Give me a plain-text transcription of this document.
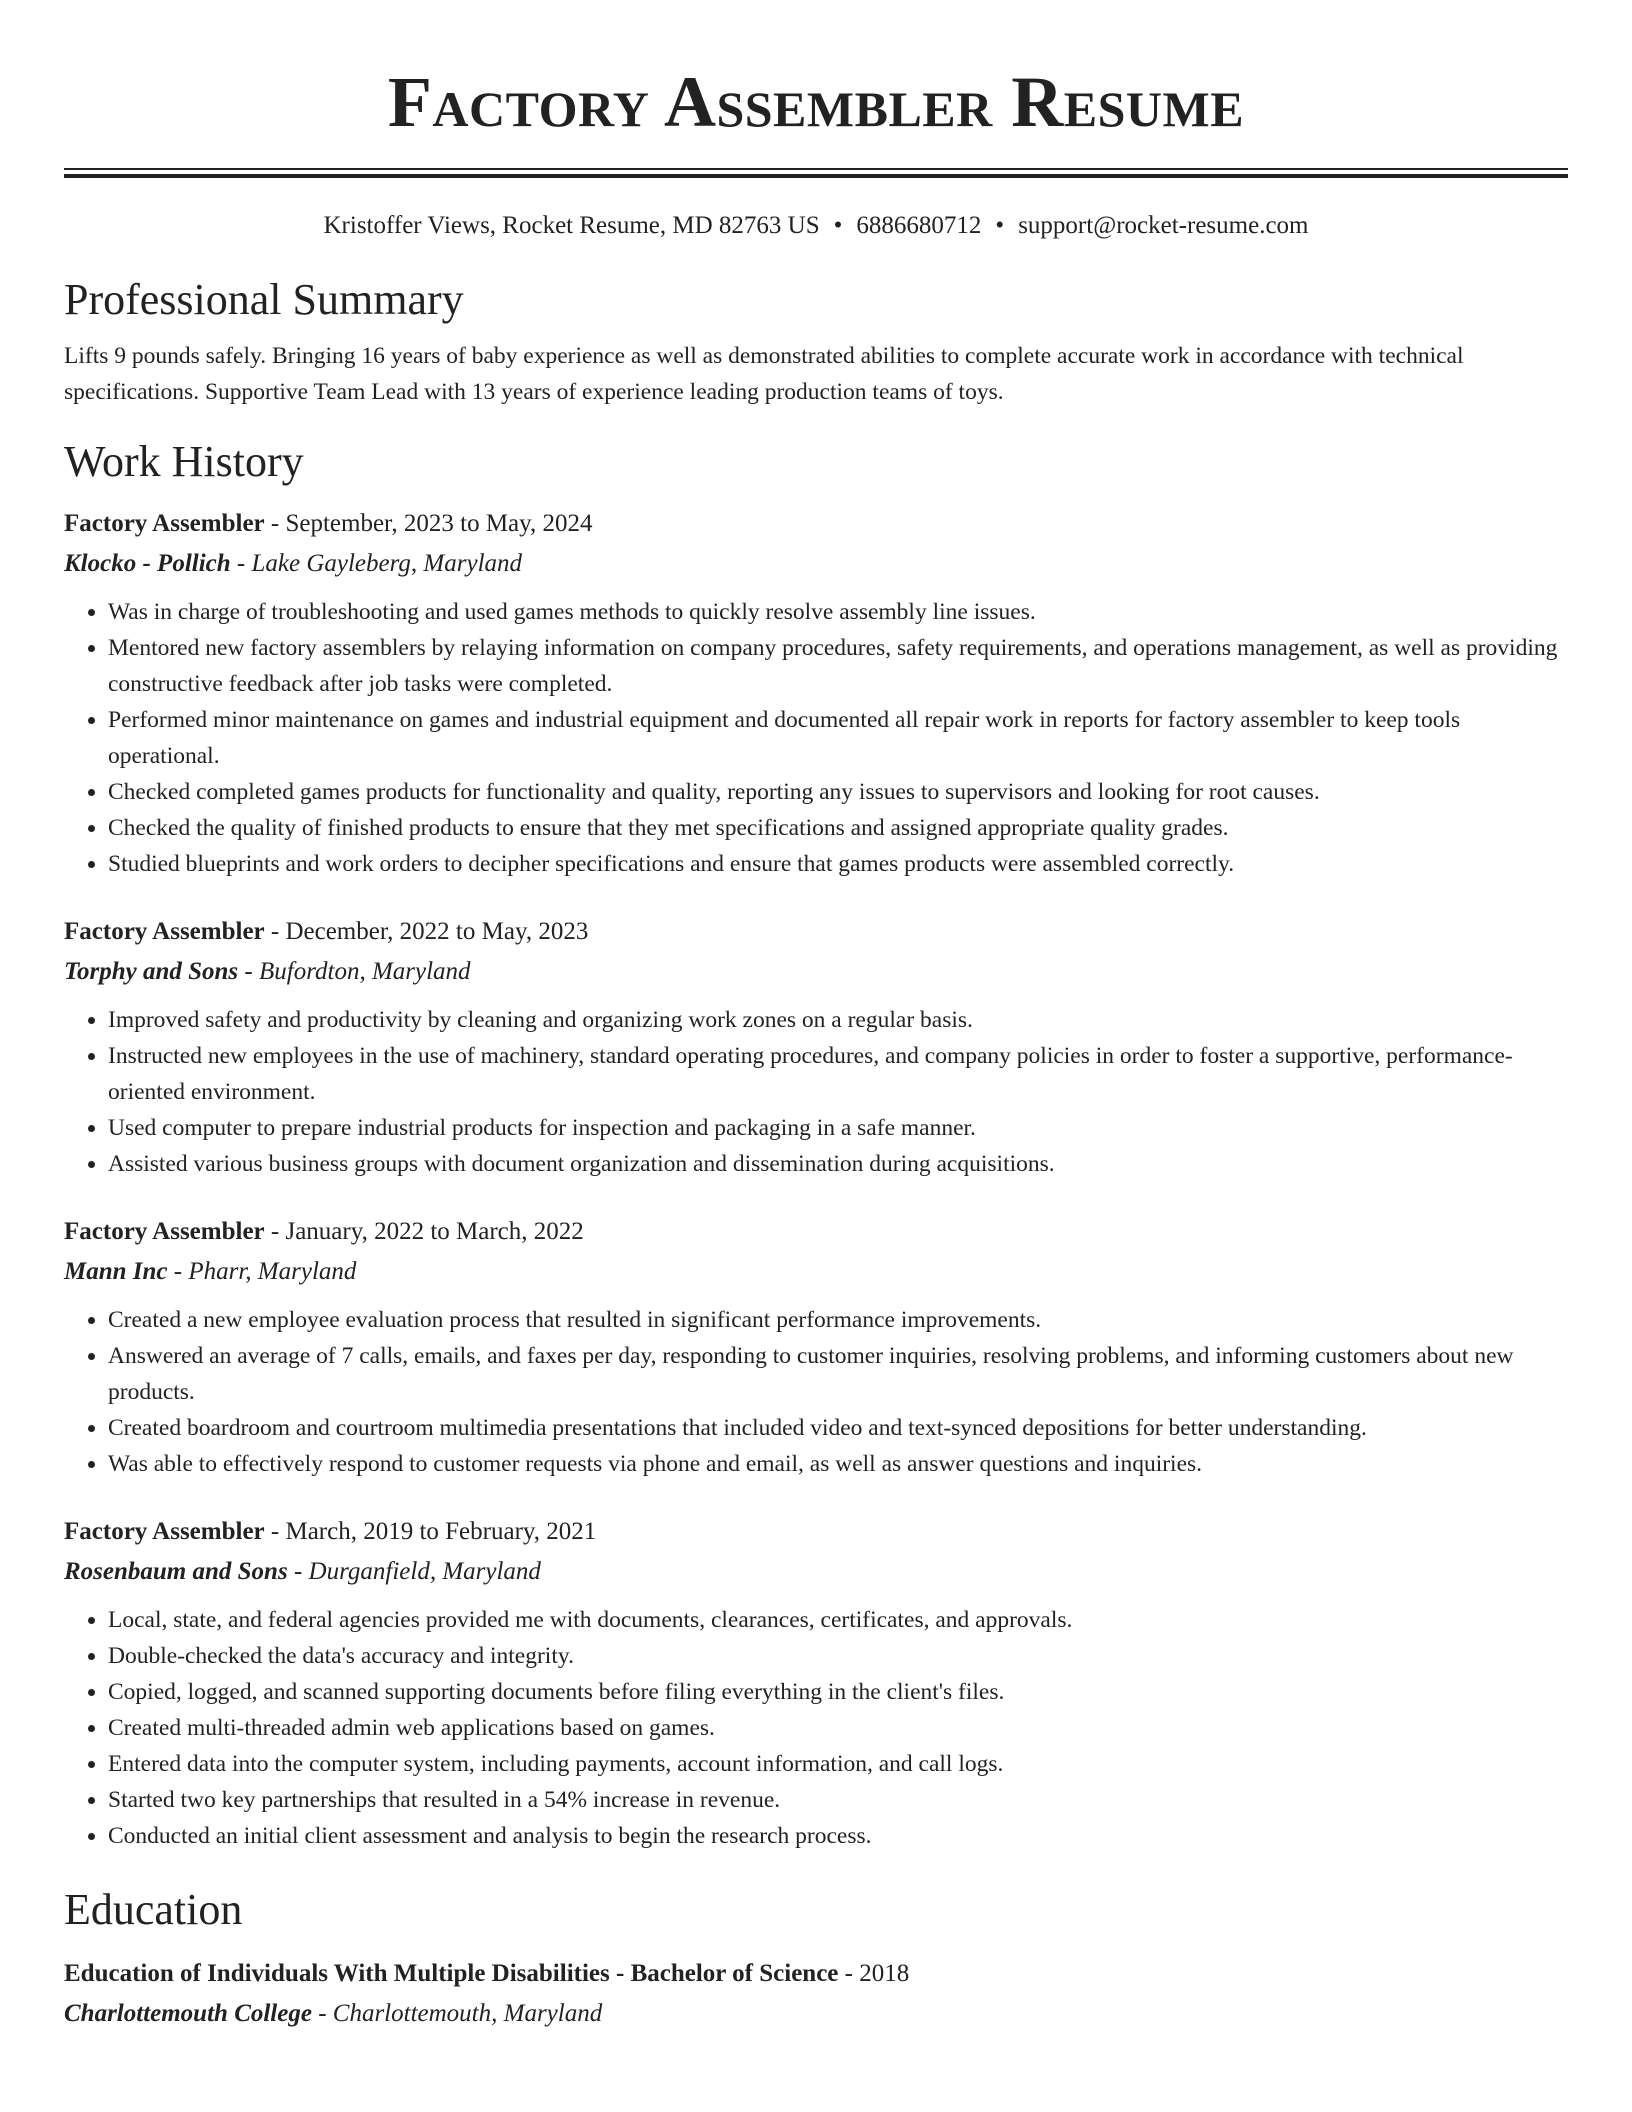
Factory Assembler Resume
Kristoffer Views, Rocket Resume, MD 82763 US • 6886680712 • support@rocket-resume.com
Professional Summary
Lifts 9 pounds safely. Bringing 16 years of baby experience as well as demonstrated abilities to complete accurate work in accordance with technical specifications. Supportive Team Lead with 13 years of experience leading production teams of toys.
Work History
Factory Assembler - September, 2023 to May, 2024
Klocko - Pollich - Lake Gayleberg, Maryland
• Was in charge of troubleshooting and used games methods to quickly resolve assembly line issues.
• Mentored new factory assemblers by relaying information on company procedures, safety requirements, and operations management, as well as providing constructive feedback after job tasks were completed.
• Performed minor maintenance on games and industrial equipment and documented all repair work in reports for factory assembler to keep tools operational.
• Checked completed games products for functionality and quality, reporting any issues to supervisors and looking for root causes.
• Checked the quality of finished products to ensure that they met specifications and assigned appropriate quality grades.
• Studied blueprints and work orders to decipher specifications and ensure that games products were assembled correctly.
Factory Assembler - December, 2022 to May, 2023
Torphy and Sons - Bufordton, Maryland
• Improved safety and productivity by cleaning and organizing work zones on a regular basis.
• Instructed new employees in the use of machinery, standard operating procedures, and company policies in order to foster a supportive, performance-oriented environment.
• Used computer to prepare industrial products for inspection and packaging in a safe manner.
• Assisted various business groups with document organization and dissemination during acquisitions.
Factory Assembler - January, 2022 to March, 2022
Mann Inc - Pharr, Maryland
• Created a new employee evaluation process that resulted in significant performance improvements.
• Answered an average of 7 calls, emails, and faxes per day, responding to customer inquiries, resolving problems, and informing customers about new products.
• Created boardroom and courtroom multimedia presentations that included video and text-synced depositions for better understanding.
• Was able to effectively respond to customer requests via phone and email, as well as answer questions and inquiries.
Factory Assembler - March, 2019 to February, 2021
Rosenbaum and Sons - Durganfield, Maryland
• Local, state, and federal agencies provided me with documents, clearances, certificates, and approvals.
• Double-checked the data's accuracy and integrity.
• Copied, logged, and scanned supporting documents before filing everything in the client's files.
• Created multi-threaded admin web applications based on games.
• Entered data into the computer system, including payments, account information, and call logs.
• Started two key partnerships that resulted in a 54% increase in revenue.
• Conducted an initial client assessment and analysis to begin the research process.
Education
Education of Individuals With Multiple Disabilities - Bachelor of Science - 2018
Charlottemouth College - Charlottemouth, Maryland
